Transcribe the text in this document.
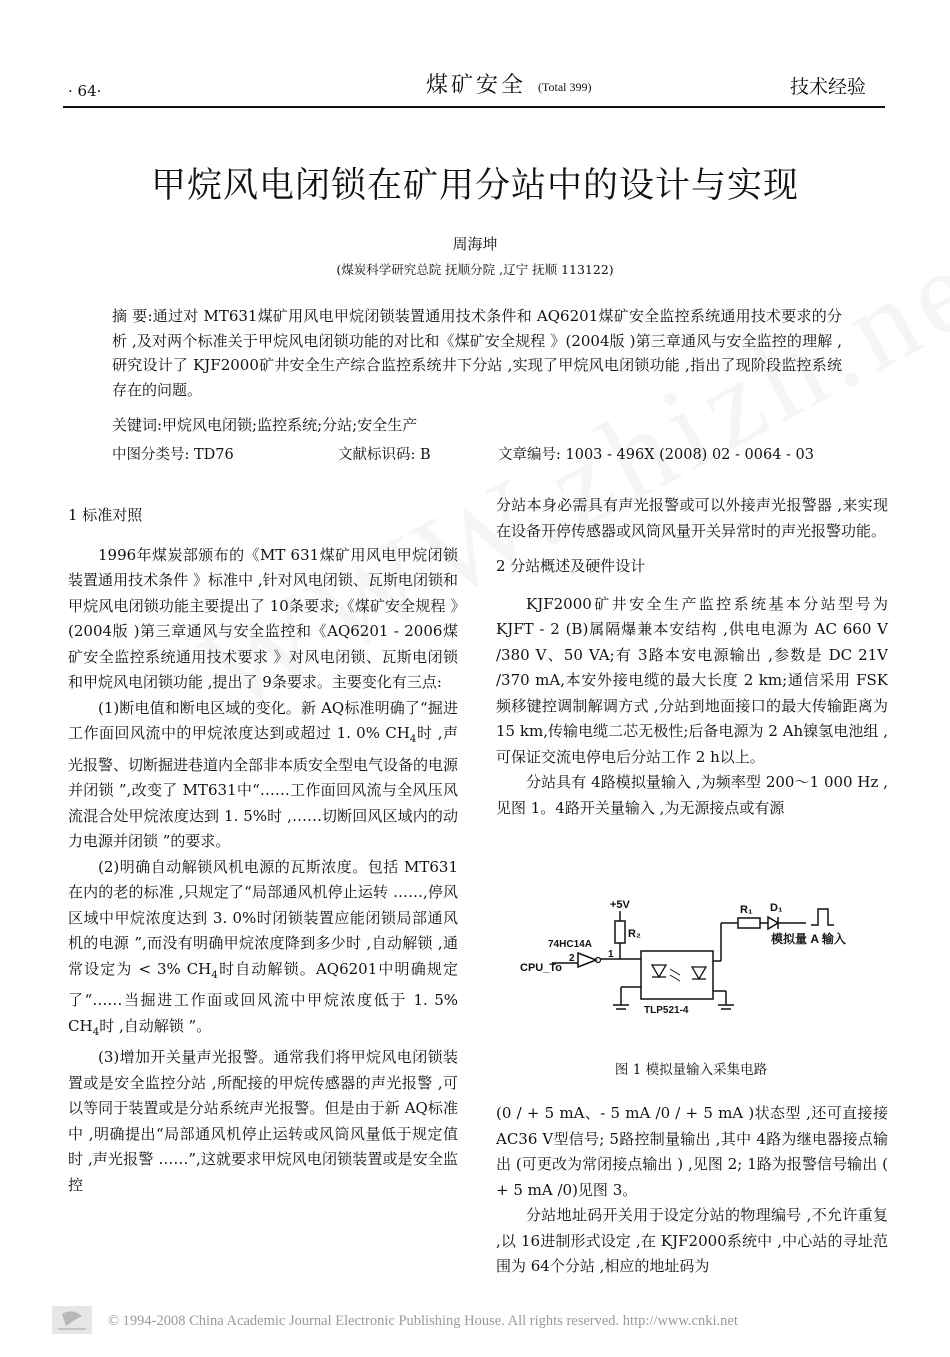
· 64·	煤矿安全 (Total 399)	技术经验
甲烷风电闭锁在矿用分站中的设计与实现
周海坤
(煤炭科学研究总院 抚顺分院 ,辽宁 抚顺 113122)
摘 要:通过对 MT631煤矿用风电甲烷闭锁装置通用技术条件和 AQ6201煤矿安全监控系统通用技术要求的分析 ,及对两个标准关于甲烷风电闭锁功能的对比和《煤矿安全规程 》(2004版 )第三章通风与安全监控的理解 ,研究设计了 KJF2000矿井安全生产综合监控系统井下分站 ,实现了甲烷风电闭锁功能 ,指出了现阶段监控系统存在的问题。
关键词:甲烷风电闭锁;监控系统;分站;安全生产
中图分类号: TD76	文献标识码: B	文章编号: 1003 - 496X (2008) 02 - 0064 - 03

1 标准对照

1996年煤炭部颁布的《MT 631煤矿用风电甲烷闭锁装置通用技术条件 》标准中 ,针对风电闭锁、瓦斯电闭锁和甲烷风电闭锁功能主要提出了 10条要求;《煤矿安全规程 》(2004版 )第三章通风与安全监控和《AQ6201 - 2006煤矿安全监控系统通用技术要求 》对风电闭锁、瓦斯电闭锁和甲烷风电闭锁功能 ,提出了 9条要求。主要变化有三点:

(1)断电值和断电区域的变化。新 AQ标准明确了“掘进工作面回风流中的甲烷浓度达到或超过 1. 0% $CH_4$时 ,声光报警、切断掘进巷道内全部非本质安全型电气设备的电源并闭锁 ”,改变了 MT631中“……工作面回风流与全风压风流混合处甲烷浓度达到 1. 5%时 ,……切断回风区域内的动力电源并闭锁 ”的要求。

(2)明确自动解锁风机电源的瓦斯浓度。包括 MT631在内的老的标准 ,只规定了“局部通风机停止运转 ……,停风区域中甲烷浓度达到 3. 0%时闭锁装置应能闭锁局部通风机的电源 ”,而没有明确甲烷浓度降到多少时 ,自动解锁 ,通常设定为 < 3% $CH_4$时自动解锁。AQ6201中明确规定了“……当掘进工作面或回风流中甲烷浓度低于 1. 5% $CH_4$时 ,自动解锁 ”。

(3)增加开关量声光报警。通常我们将甲烷风电闭锁装置或是安全监控分站 ,所配接的甲烷传感器的声光报警 ,可以等同于装置或是分站系统声光报警。但是由于新 AQ标准中 ,明确提出“局部通风机停止运转或风筒风量低于规定值时 ,声光报警 ……”,这就要求甲烷风电闭锁装置或是安全监控

分站本身必需具有声光报警或可以外接声光报警器 ,来实现在设备开停传感器或风筒风量开关异常时的声光报警功能。

2 分站概述及硬件设计

KJF2000矿井安全生产监控系统基本分站型号为 KJFT - 2 (B)属隔爆兼本安结构 ,供电电源为 AC 660 V /380 V、50 VA;有 3路本安电源输出 ,参数是 DC 21V /370 mA,本安外接电缆的最大长度 2 km;通信采用 FSK频移键控调制解调方式 ,分站到地面接口的最大传输距离为 15 km,传输电缆二芯无极性;后备电源为 2 Ah镍氢电池组 ,可保证交流电停电后分站工作 2 h以上。

分站具有 4路模拟量输入 ,为频率型 200～1 000 Hz ,见图 1。4路开关量输入 ,为无源接点或有源

+5V
R₂
74HC14A
2	1
CPU_To
TLP521-4
R₁ D₁
模拟量 A 输入
图 1 模拟量输入采集电路

(0 / + 5 mA、- 5 mA /0 / + 5 mA )状态型 ,还可直接接 AC36 V型信号; 5路控制量输出 ,其中 4路为继电器接点输出 (可更改为常闭接点输出 ) ,见图 2; 1路为报警信号输出 ( + 5 mA /0)见图 3。

分站地址码开关用于设定分站的物理编号 ,不允许重复 ,以 16进制形式设定 ,在 KJF2000系统中 ,中心站的寻址范围为 64个分站 ,相应的地址码为

© 1994-2008 China Academic Journal Electronic Publishing House. All rights reserved. http://www.cnki.net
